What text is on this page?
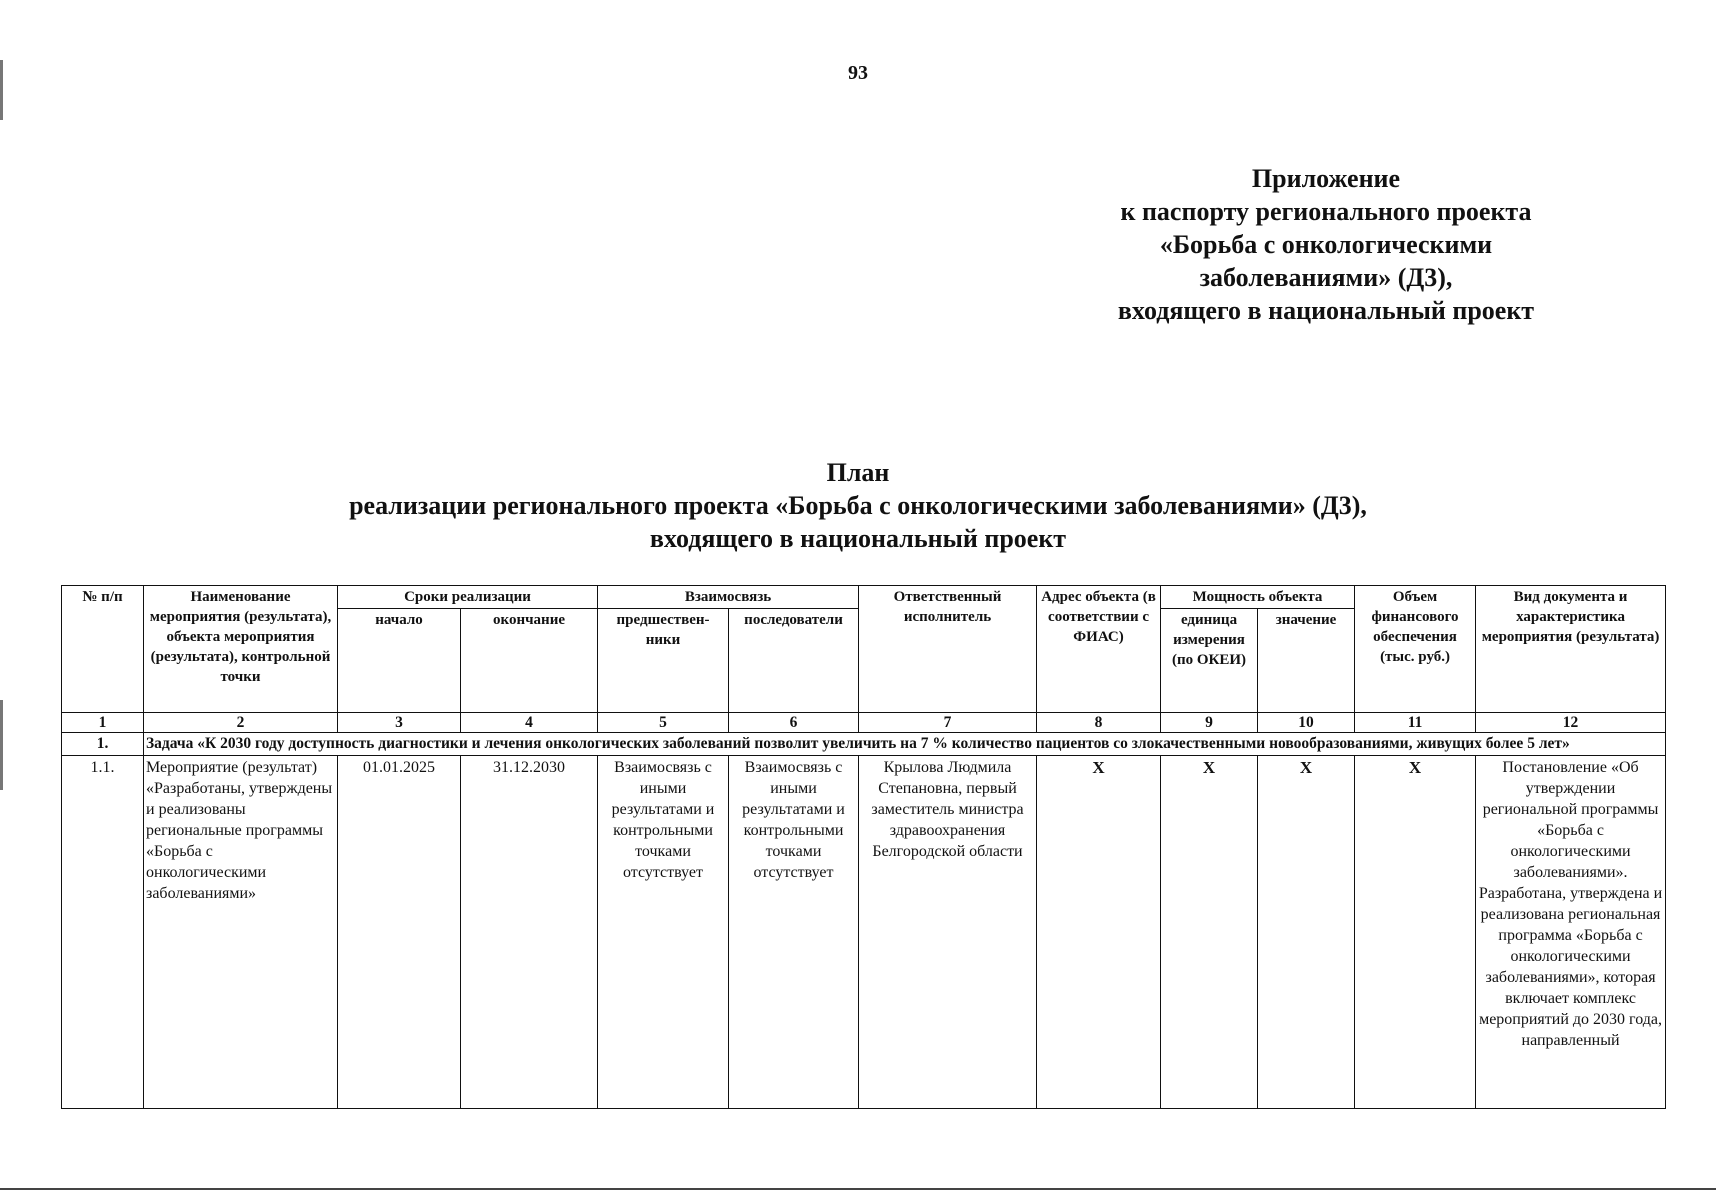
93
Приложение
к паспорту регионального проекта
«Борьба с онкологическими
заболеваниями» (Д3),
входящего в национальный проект
План
реализации регионального проекта «Борьба с онкологическими заболеваниями» (Д3),
входящего в национальный проект
№ п/п	Наименование мероприятия (результата), объекта мероприятия (результата), контрольной точки	Сроки реализации		Взаимосвязь		Ответственный исполнитель	Адрес объекта (в соответствии с ФИАС)	Мощность объекта		Объем финансового обеспечения (тыс. руб.)	Вид документа и характеристика мероприятия (результата)
		начало	окончание	предшествен-ники	последователи			единица измерения (по ОКЕИ)	значение		
1	2	3	4	5	6	7	8	9	10	11	12
1.	Задача «К 2030 году доступность диагностики и лечения онкологических заболеваний позволит увеличить на 7 % количество пациентов со злокачественными новообразованиями, живущих более 5 лет»										
1.1.	Мероприятие (результат) «Разработаны, утверждены и реализованы региональные программы «Борьба с онкологическими заболеваниями»	01.01.2025	31.12.2030	Взаимосвязь с иными результатами и контрольными точками отсутствует	Взаимосвязь с иными результатами и контрольными точками отсутствует	Крылова Людмила Степановна, первый заместитель министра здравоохранения Белгородской области	Х	Х	Х	Х	Постановление «Об утверждении региональной программы «Борьба с онкологическими заболеваниями». Разработана, утверждена и реализована региональная программа «Борьба с онкологическими заболеваниями», которая включает комплекс мероприятий до 2030 года, направленный
